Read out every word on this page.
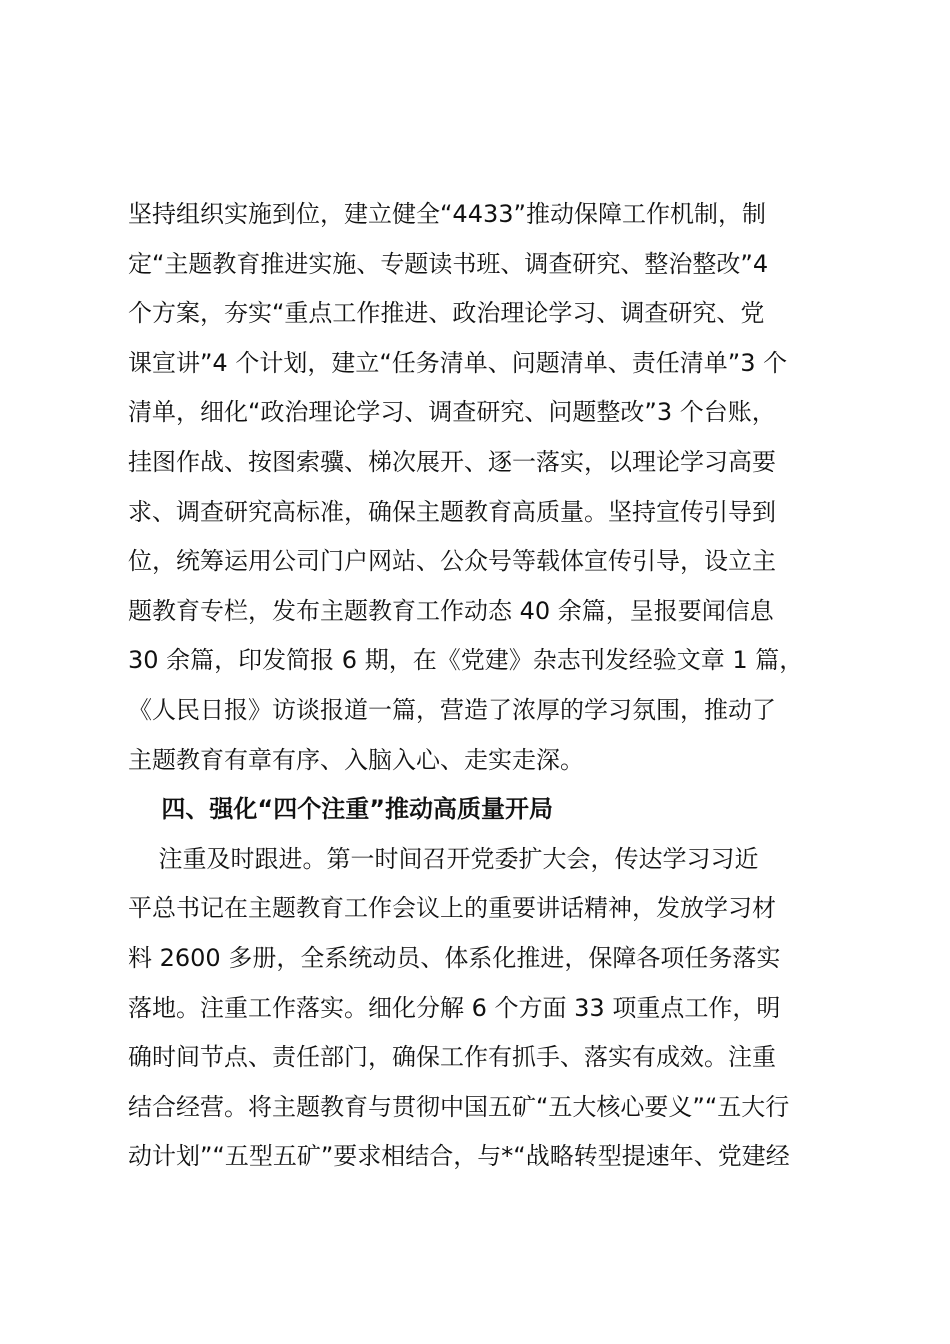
坚持组织实施到位，建立健全“4433”推动保障工作机制，制
定“主题教育推进实施、专题读书班、调查研究、整治整改”4
个方案，夯实“重点工作推进、政治理论学习、调查研究、党
课宣讲”4 个计划，建立“任务清单、问题清单、责任清单”3 个
清单，细化“政治理论学习、调查研究、问题整改”3 个台账，
挂图作战、按图索骥、梯次展开、逐一落实，以理论学习高要
求、调查研究高标准，确保主题教育高质量。坚持宣传引导到
位，统筹运用公司门户网站、公众号等载体宣传引导，设立主
题教育专栏，发布主题教育工作动态 40 余篇，呈报要闻信息
30 余篇，印发简报 6 期，在《党建》杂志刊发经验文章 1 篇，
《人民日报》访谈报道一篇，营造了浓厚的学习氛围，推动了
主题教育有章有序、入脑入心、走实走深。
四、强化“四个注重”推动高质量开局
注重及时跟进。第一时间召开党委扩大会，传达学习习近
平总书记在主题教育工作会议上的重要讲话精神，发放学习材
料 2600 多册，全系统动员、体系化推进，保障各项任务落实
落地。注重工作落实。细化分解 6 个方面 33 项重点工作，明
确时间节点、责任部门，确保工作有抓手、落实有成效。注重
结合经营。将主题教育与贯彻中国五矿“五大核心要义”“五大行
动计划”“五型五矿”要求相结合，与*“战略转型提速年、党建经
